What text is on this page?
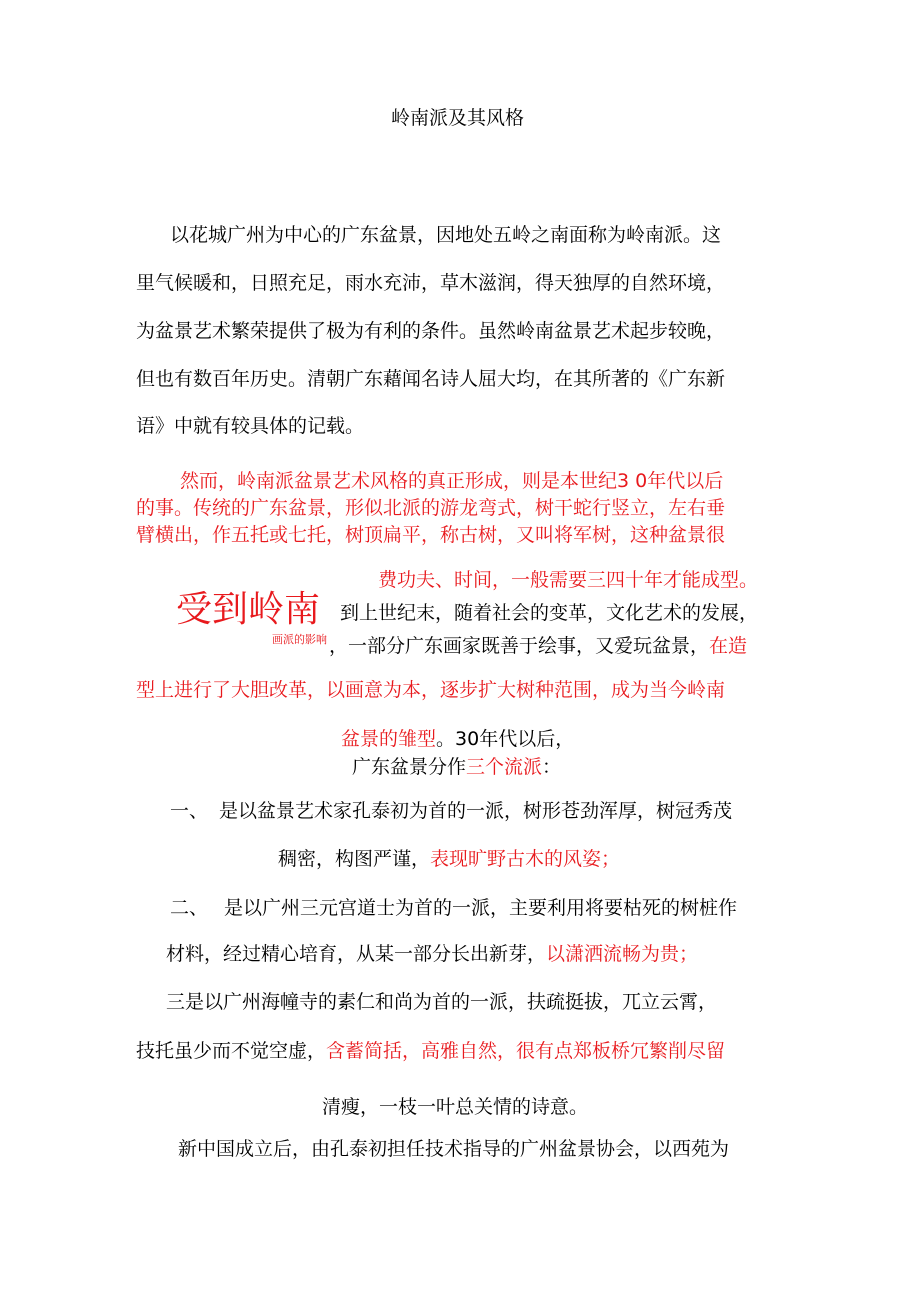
岭南派及其风格
以花城广州为中心的广东盆景，因地处五岭之南面称为岭南派。这
里气候暖和，日照充足，雨水充沛，草木滋润，得天独厚的自然环境，
为盆景艺术繁荣提供了极为有利的条件。虽然岭南盆景艺术起步较晚，
但也有数百年历史。清朝广东藉闻名诗人屈大均，在其所著的《广东新
语》中就有较具体的记载。
然而，岭南派盆景艺术风格的真正形成，则是本世纪3 0年代以后
的事。传统的广东盆景，形似北派的游龙弯式，树干蛇行竖立，左右垂
臂横出，作五托或七托，树顶扁平，称古树，又叫将军树，这种盆景很
费功夫、时间，一般需要三四十年才能成型。
受到岭南 到上世纪末，随着社会的变革，文化艺术的发展，
画派的影响 ，一部分广东画家既善于绘事，又爱玩盆景，在造
型上进行了大胆改革，以画意为本，逐步扩大树种范围，成为当今岭南
盆景的雏型。30年代以后，
广东盆景分作三个流派：
一、 是以盆景艺术家孔泰初为首的一派，树形苍劲浑厚，树冠秀茂
稠密，构图严谨，表现旷野古木的风姿；
二、 是以广州三元宫道士为首的一派，主要利用将要枯死的树桩作
材料，经过精心培育，从某一部分长出新芽，以潇洒流畅为贵；
三是以广州海幢寺的素仁和尚为首的一派，扶疏挺拔，兀立云霄，
技托虽少而不觉空虚，含蓄简括，高雅自然，很有点郑板桥冗繁削尽留
清瘦，一枝一叶总关情的诗意。
新中国成立后，由孔泰初担任技术指导的广州盆景协会，以西苑为
